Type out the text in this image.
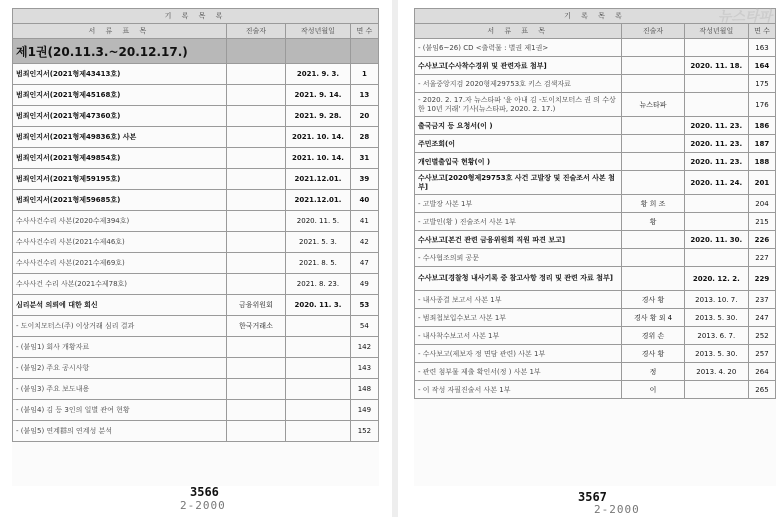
기 록 목 록			
서 류 표 목	진술자	작성년월일	면 수
제1권(20.11.3.~20.12.17.)			
범죄인지서(2021형제43413호)		2021. 9. 3.	1
범죄인지서(2021형제45168호)		2021. 9. 14.	13
범죄인지서(2021형제47360호)		2021. 9. 28.	20
범죄인지서(2021형제49836호) 사본		2021. 10. 14.	28
범죄인지서(2021형제49854호)		2021. 10. 14.	31
범죄인지서(2021형제59195호)		2021.12.01.	39
범죄인지서(2021형제59685호)		2021.12.01.	40
수사사건수리 사본(2020수제394호)		2020. 11. 5.	41
수사사건수리 사본(2021수제46호)		2021. 5. 3.	42
수사사건수리 사본(2021수제69호)		2021. 8. 5.	47
수사사건 수리 사본(2021수제78호)		2021. 8. 23.	49
심리분석 의뢰에 대한 회신	금융위원회	2020. 11. 3.	53
- 도이치모터스(주) 이상거래 심리 결과	한국거래소		54
- (붙임1) 회사 개황자료			142
- (붙임2) 주요 공시사항			143
- (붙임3) 주요 보도내용			148
- (붙임4) 김 등 3인의 일별 관여 현황			149
- (붙임5) 연계群의 연계성 분석			152
기 록 목 록			
서 류 표 목	진술자	작성년월일	면 수
- (붙임6~26) CD <출력물 : 별권 제1권>			163
수사보고[수사착수경위 및 관련자료 첨부]		2020. 11. 18.	164
- 서울중앙지검 2020형제29753호 키스 검색자료			175
- 2020. 2. 17.자 뉴스타파 '윤 아내 김 -도이치모터스 권 의 수상한 10년 거래' 기사(뉴스타파, 2020. 2. 17.)	뉴스타파		176
출국금지 등 요청서(이 )		2020. 11. 23.	186
주민조회(이		2020. 11. 23.	187
개인별출입국 현황(이 )		2020. 11. 23.	188
수사보고[2020형제29753호 사건 고발장 및 진술조서 사본 첨부]		2020. 11. 24.	201
- 고발장 사본 1부	황 희 조		204
- 고발인(황 ) 진술조서 사본 1부	황		215
수사보고[본건 관련 금융위원회 직원 파견 보고]		2020. 11. 30.	226
- 수사협조의뢰 공문			227
수사보고[경찰청 내사기록 중 참고사항 정리 및 관련 자료 첨부]		2020. 12. 2.	229
- 내사종결 보고서 사본 1부	경사 황	2013. 10. 7.	237
- 범죄첩보입수보고 사본 1부	경사 황 외 4	2013. 5. 30.	247
- 내사착수보고서 사본 1부	경위 손	2013. 6. 7.	252
- 수사보고(제보자 정 면담 관련) 사본 1부	경사 황	2013. 5. 30.	257
- 관련 첨부물 제출 확인서(정 ) 사본 1부	정	2013. 4. 20	264
- 이 작성 자필진술서 사본 1부	이		265
3566
2-2000
3567
2-2000
뉴스타파
